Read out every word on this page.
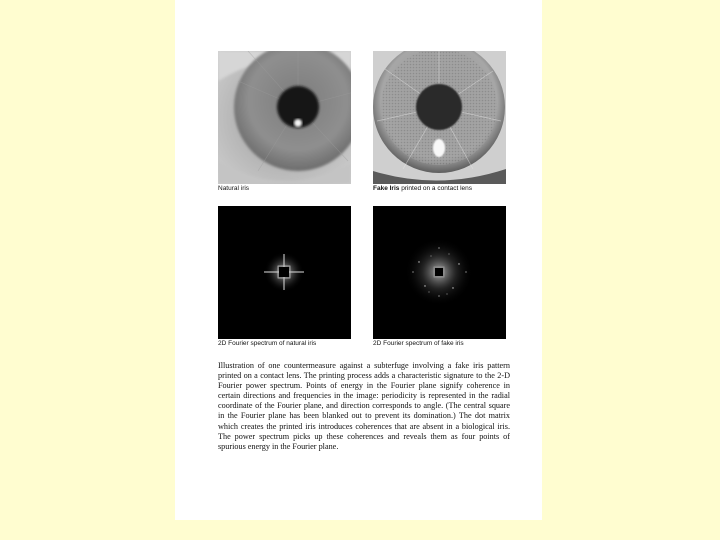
Natural iris	Fake Iris printed on a contact lens
2D Fourier spectrum of natural iris	2D Fourier spectrum of fake iris
Illustration of one countermeasure against a subterfuge involving a fake iris pattern printed on a contact lens. The printing process adds a characteristic signature to the 2-D Fourier power spectrum. Points of energy in the Fourier plane signify coherence in certain directions and frequencies in the image: periodicity is represented in the radial coordinate of the Fourier plane, and direction corresponds to angle. (The central square in the Fourier plane has been blanked out to prevent its domination.) The dot matrix which creates the printed iris introduces coherences that are absent in a biological iris. The power spectrum picks up these coherences and reveals them as four points of spurious energy in the Fourier plane.
